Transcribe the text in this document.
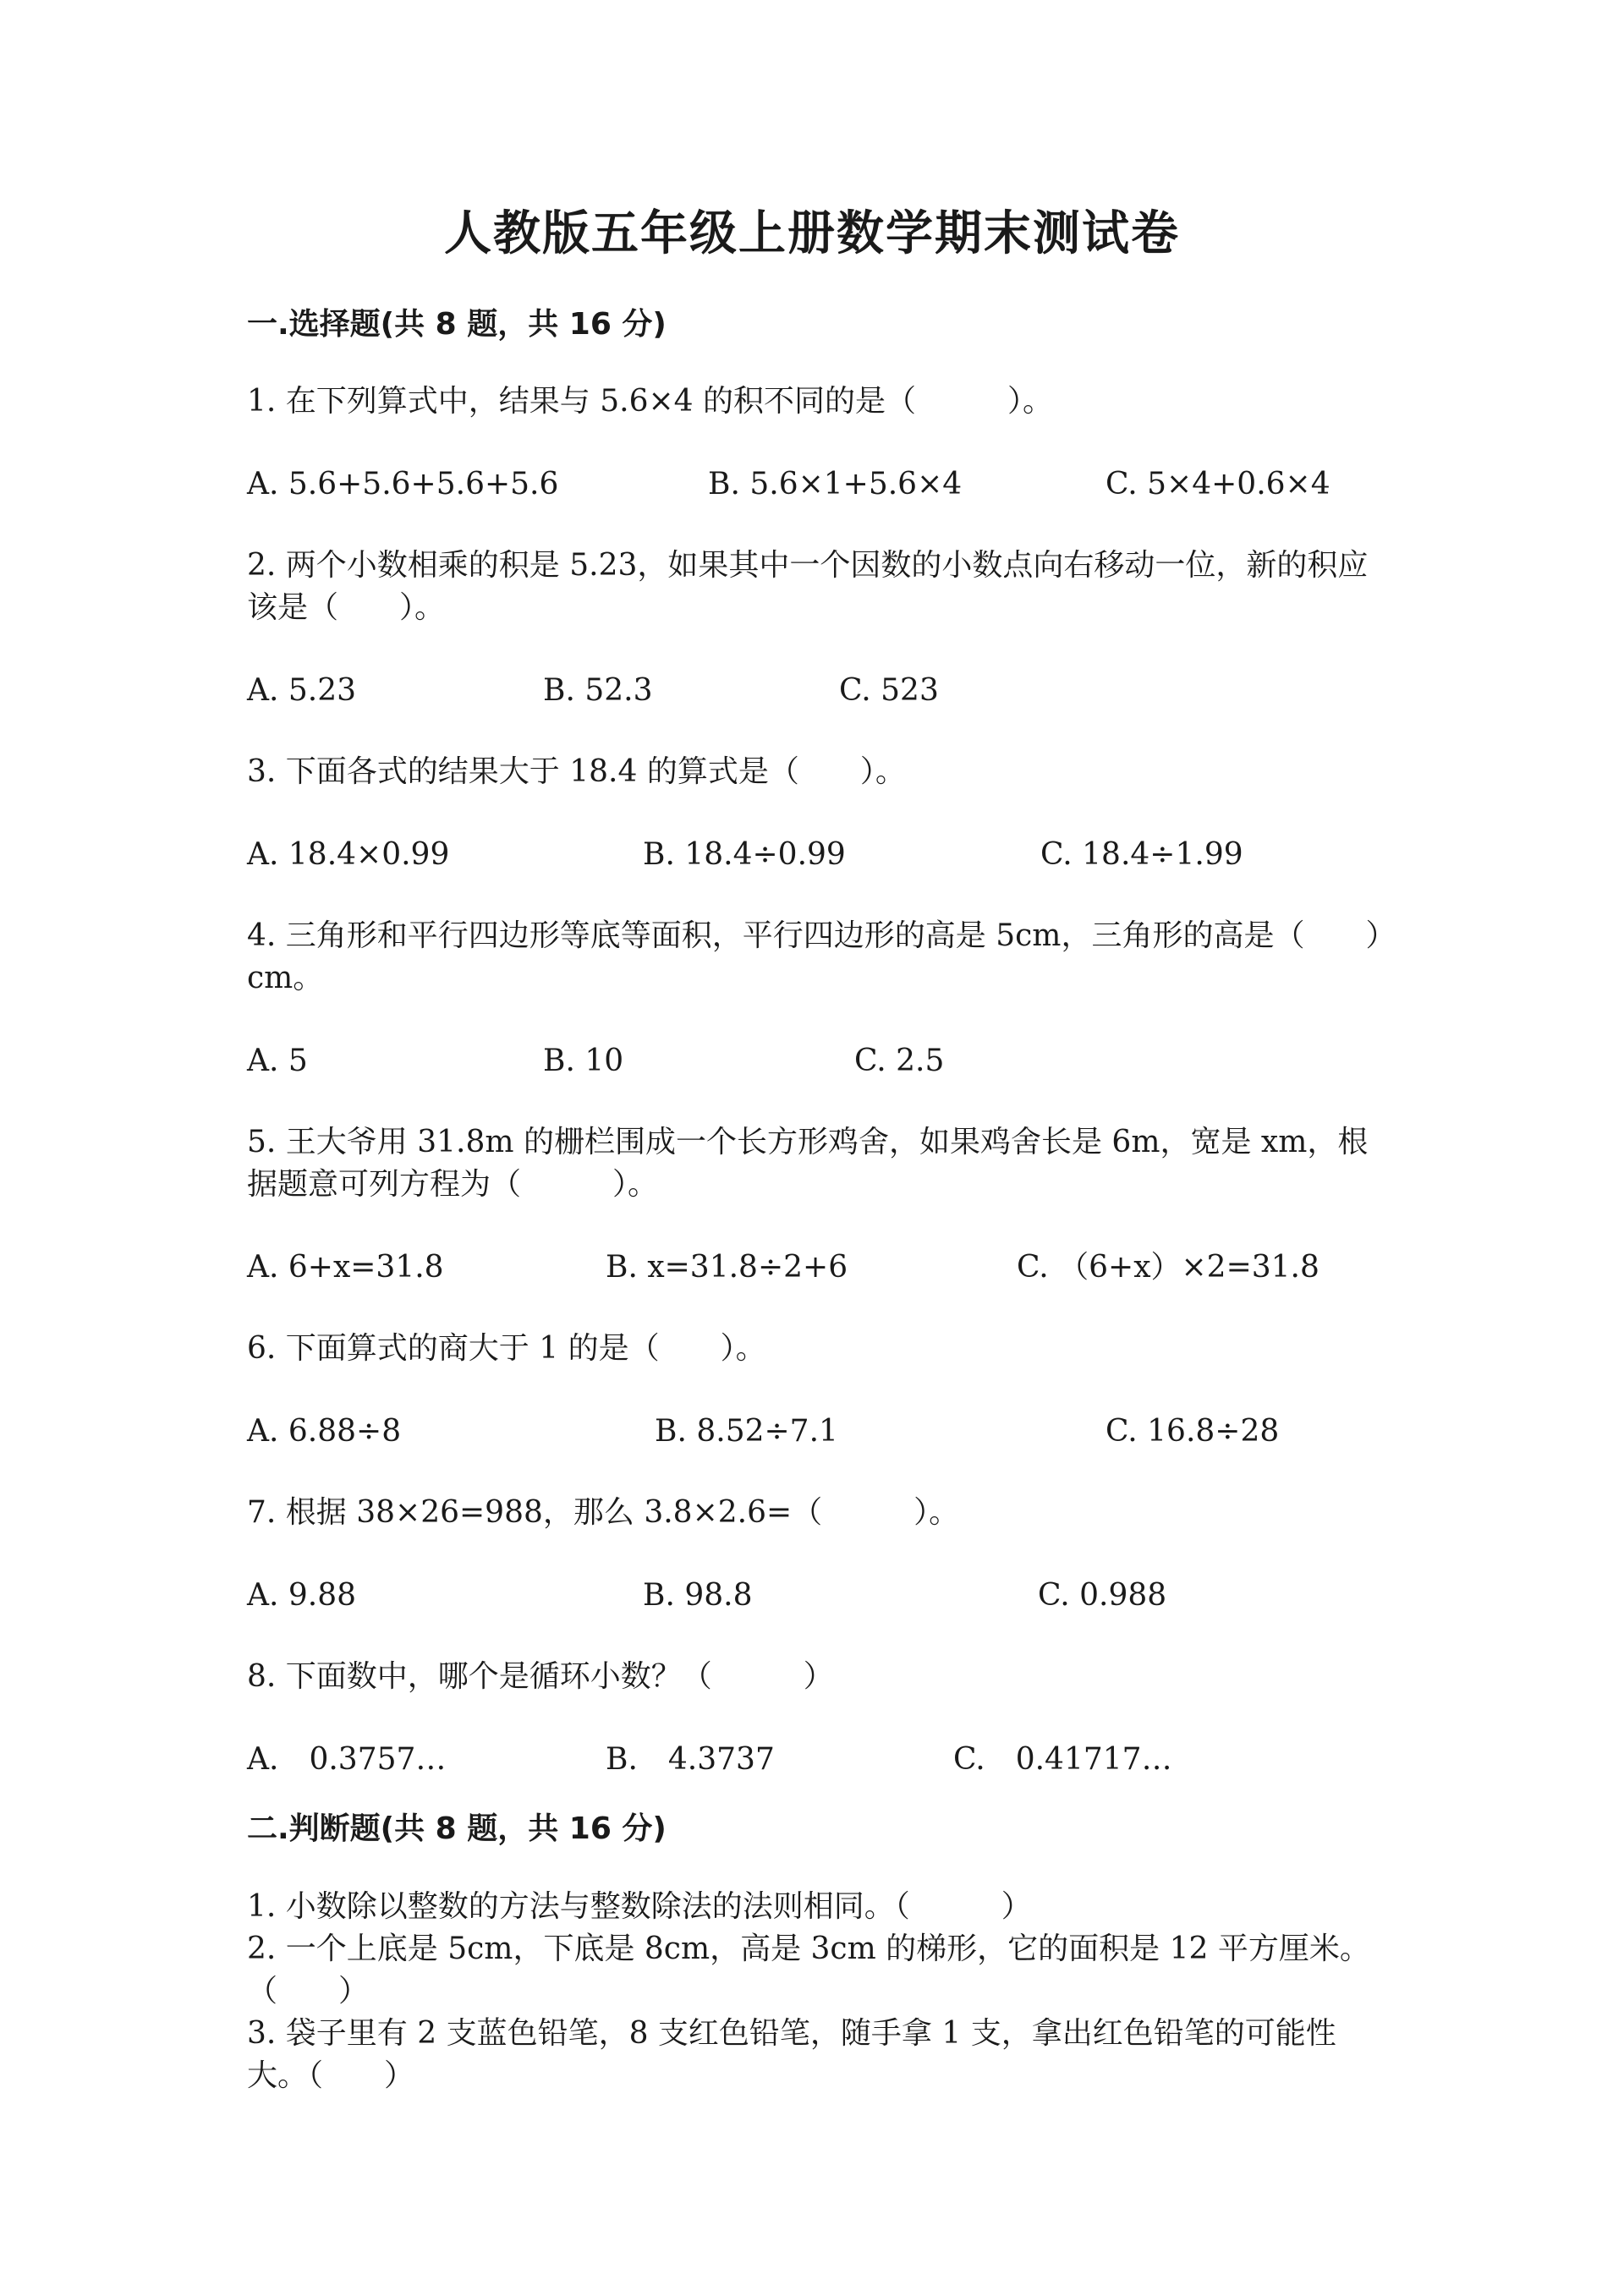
人教版五年级上册数学期末测试卷
一.选择题(共 8 题，共 16 分)
1. 在下列算式中，结果与 5.6×4 的积不同的是（　　　）。
A. 5.6+5.6+5.6+5.6	B. 5.6×1+5.6×4	C. 5×4+0.6×4
2. 两个小数相乘的积是 5.23，如果其中一个因数的小数点向右移动一位，新的积应该是（　　）。
A. 5.23	B. 52.3	C. 523
3. 下面各式的结果大于 18.4 的算式是（　　）。
A. 18.4×0.99	B. 18.4÷0.99	C. 18.4÷1.99
4. 三角形和平行四边形等底等面积，平行四边形的高是 5cm，三角形的高是（　　）cm。
A. 5	B. 10	C. 2.5
5. 王大爷用 31.8m 的栅栏围成一个长方形鸡舍，如果鸡舍长是 6m，宽是 xm，根据题意可列方程为（　　　）。
A. 6+x=31.8	B. x=31.8÷2+6	C. （6+x）×2=31.8
6. 下面算式的商大于 1 的是（　　）。
A. 6.88÷8	B. 8.52÷7.1	C. 16.8÷28
7. 根据 38×26=988，那么 3.8×2.6=（　　　）。
A. 9.88	B. 98.8	C. 0.988
8. 下面数中，哪个是循环小数？（　　　）
A.　0.3757…	B.　4.3737	C.　0.41717…
二.判断题(共 8 题，共 16 分)
1. 小数除以整数的方法与整数除法的法则相同。（　　　）
2. 一个上底是 5cm，下底是 8cm，高是 3cm 的梯形，它的面积是 12 平方厘米。（　　）
3. 袋子里有 2 支蓝色铅笔，8 支红色铅笔，随手拿 1 支，拿出红色铅笔的可能性大。（　　）
